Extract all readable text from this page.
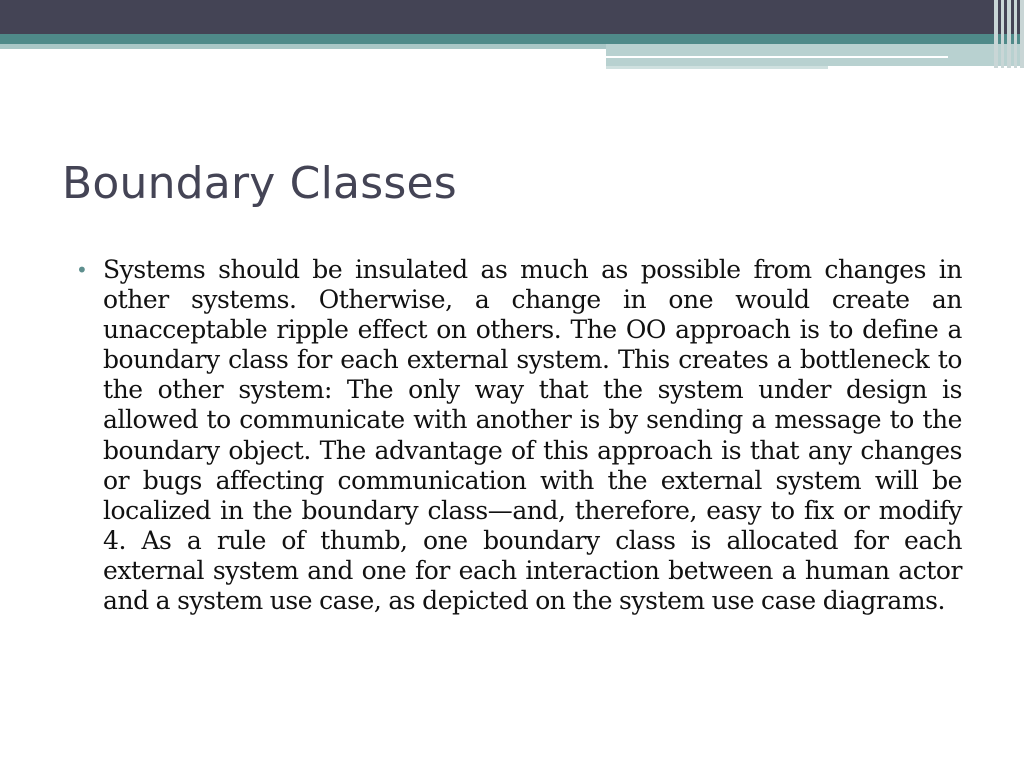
Boundary Classes
• Systems should be insulated as much as possible from changes in other systems. Otherwise, a change in one would create an unacceptable ripple effect on others. The OO approach is to define a boundary class for each external system. This creates a bottleneck to the other system: The only way that the system under design is allowed to communicate with another is by sending a message to the boundary object. The advantage of this approach is that any changes or bugs affecting communication with the external system will be localized in the boundary class—and, therefore, easy to fix or modify 4. As a rule of thumb, one boundary class is allocated for each external system and one for each interaction between a human actor and a system use case, as depicted on the system use case diagrams.
